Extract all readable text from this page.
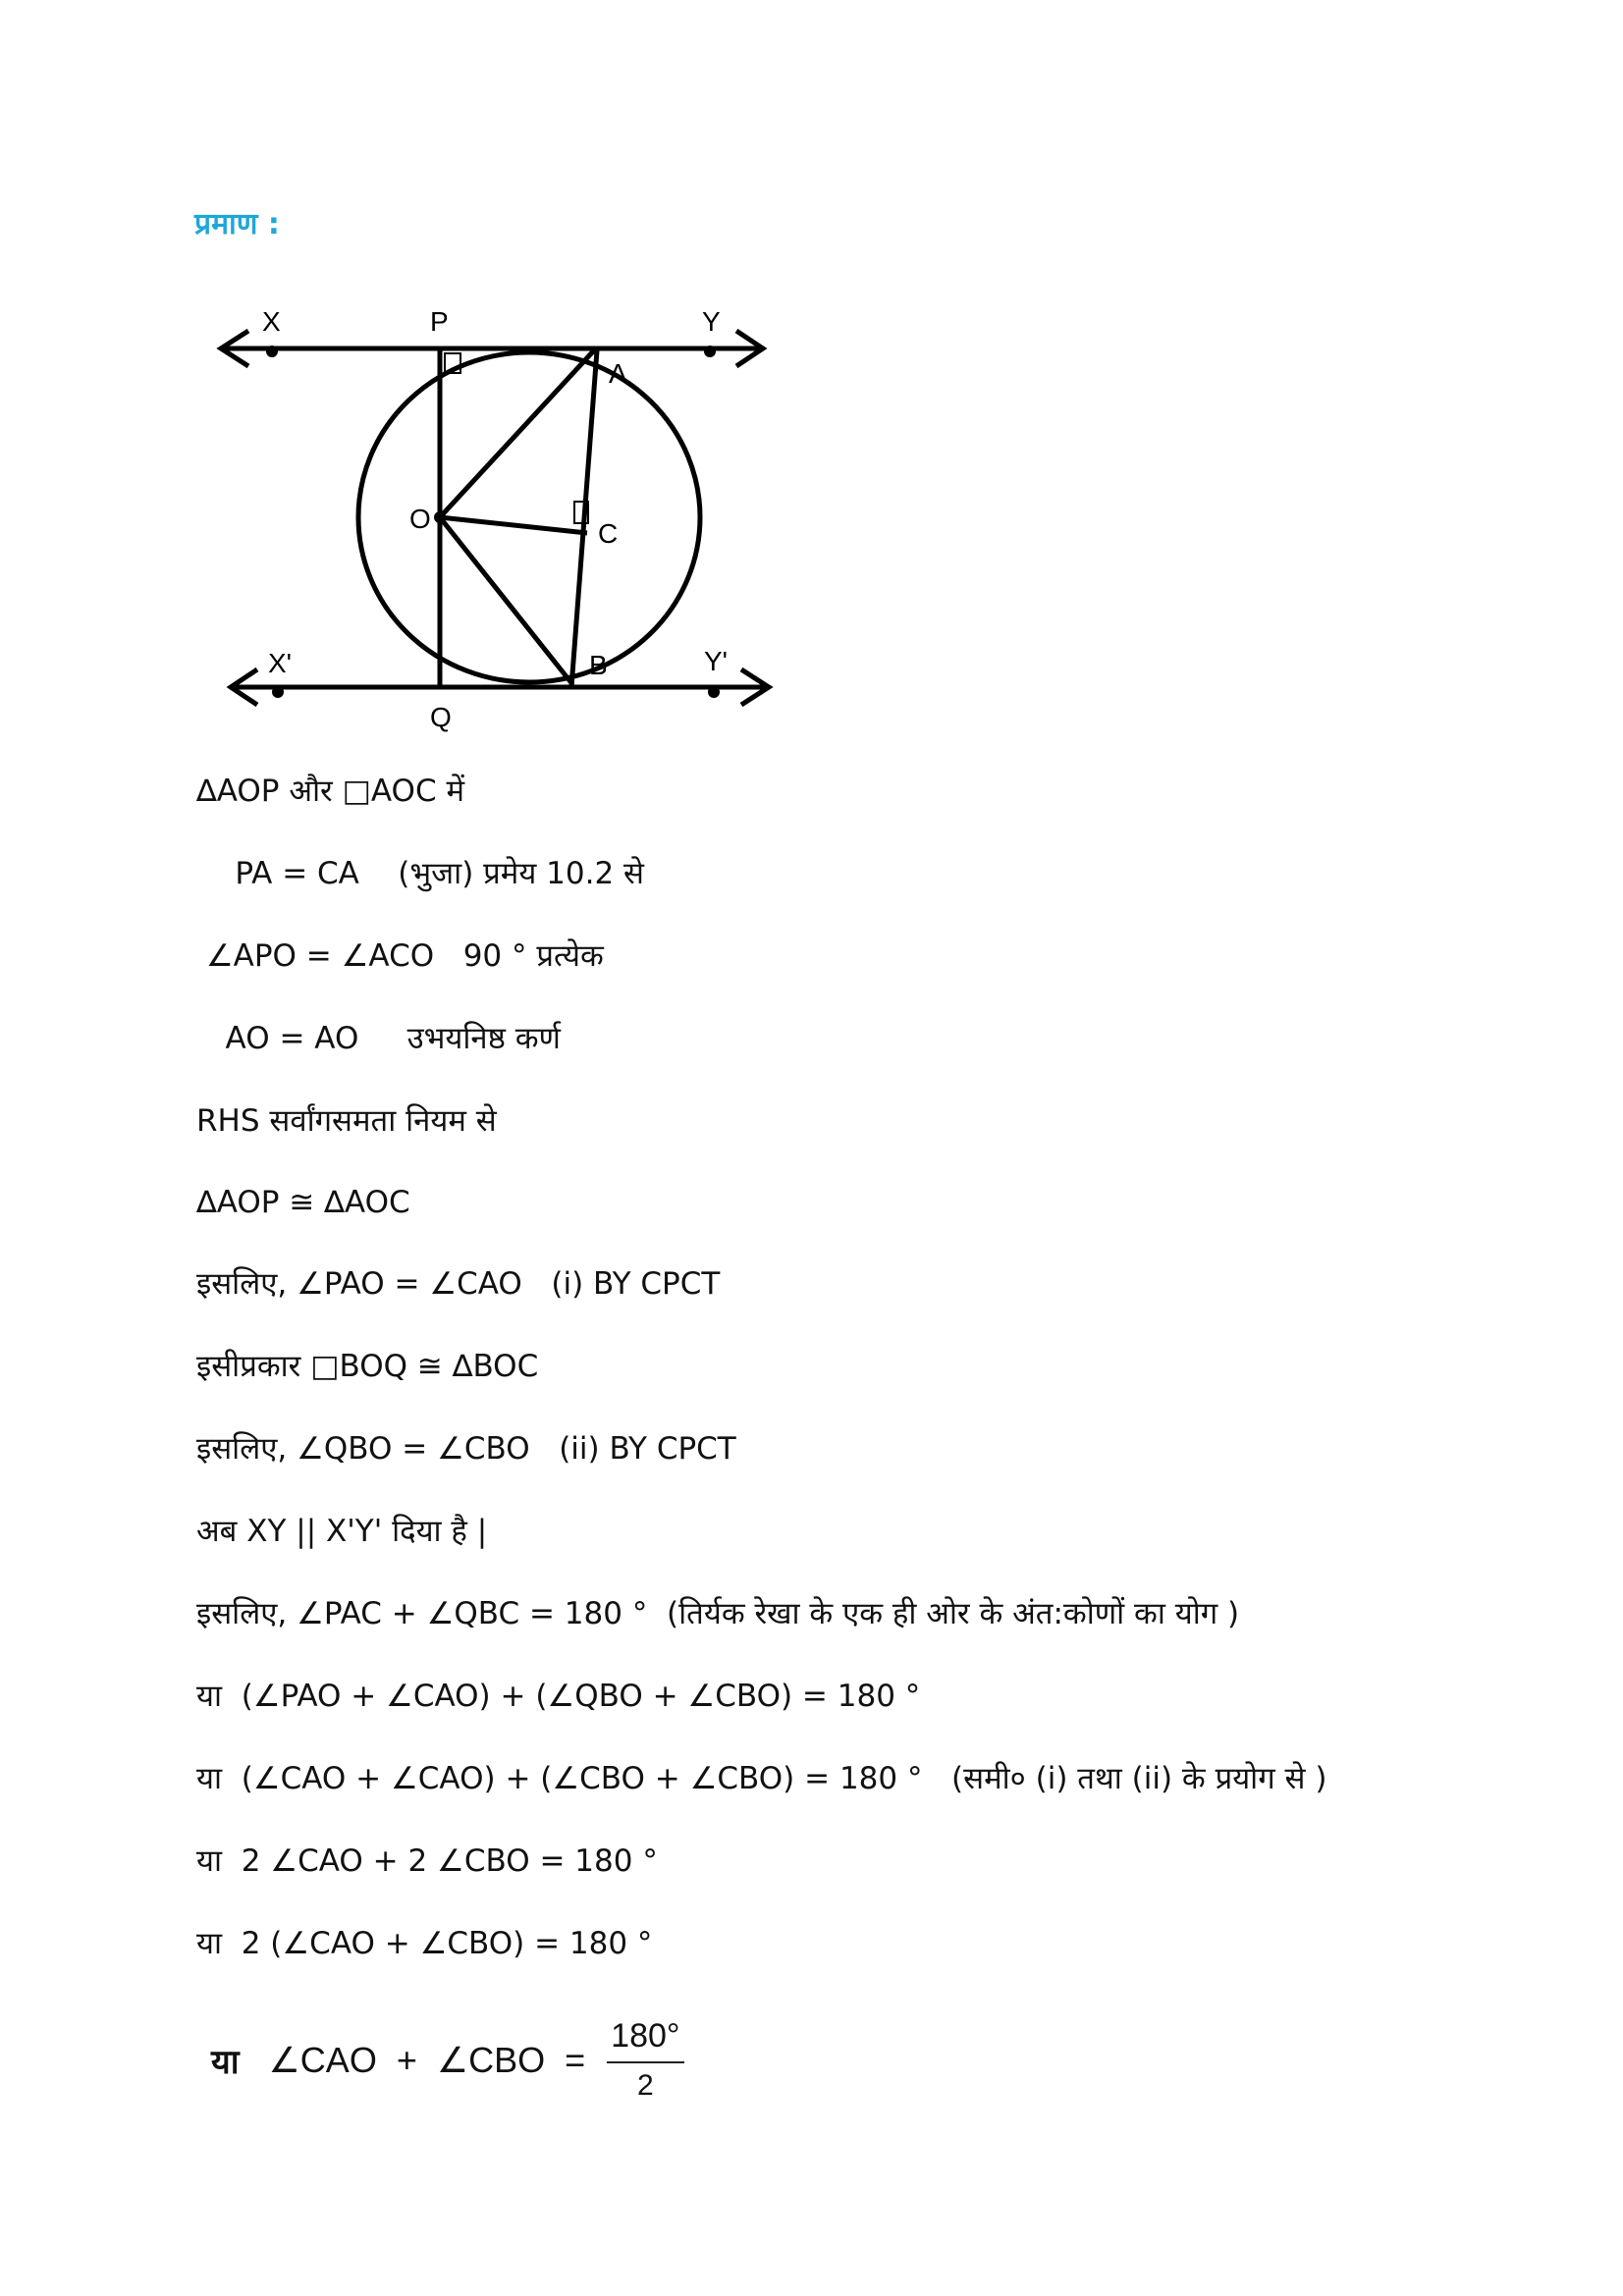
प्रमाण :
X	P	Y
A
O	C
X'	B	Y'
Q
∆AOP और □AOC में
PA = CA    (भुजा) प्रमेय 10.2 से
∠APO = ∠ACO   90 ° प्रत्येक
AO = AO     उभयनिष्ठ कर्ण
RHS सर्वांगसमता नियम से
∆AOP ≅ ∆AOC
इसलिए, ∠PAO = ∠CAO   (i) BY CPCT
इसीप्रकार □BOQ ≅ ∆BOC
इसलिए, ∠QBO = ∠CBO   (ii) BY CPCT
अब XY || X'Y' दिया है |
इसलिए, ∠PAC + ∠QBC = 180 °  (तिर्यक रेखा के एक ही ओर के अंत:कोणों का योग )
या  (∠PAO + ∠CAO) + (∠QBO + ∠CBO) = 180 °
या  (∠CAO + ∠CAO) + (∠CBO + ∠CBO) = 180 °   (समी० (i) तथा (ii) के प्रयोग से )
या  2 ∠CAO + 2 ∠CBO = 180 °
या  2 (∠CAO + ∠CBO) = 180 °
या ∠CAO  +  ∠CBO  = $\frac{180^\circ}{2}$
